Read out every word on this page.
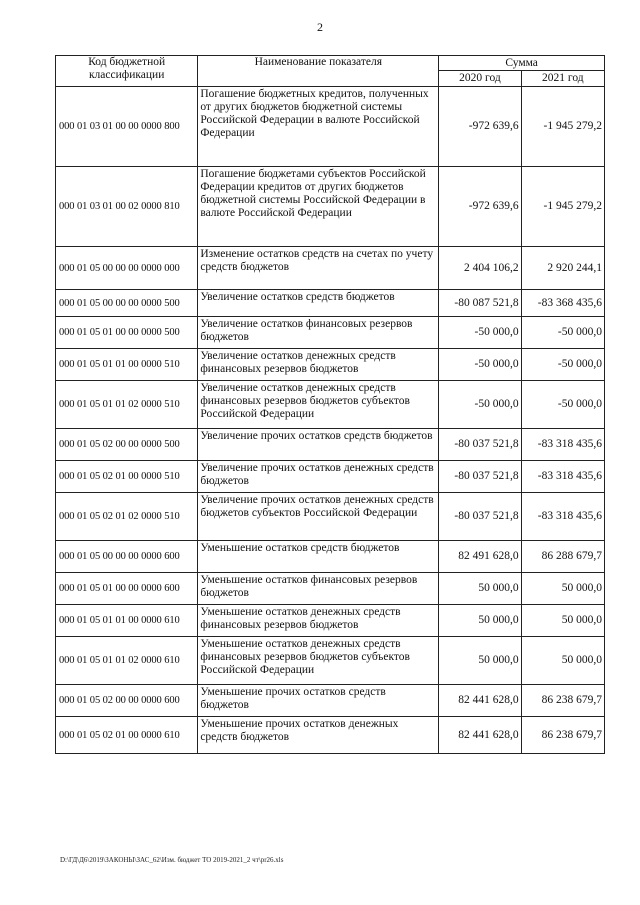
2
Код бюджетной классификации	Наименование показателя	Сумма	
		2020 год	2021 год
000 01 03 01 00 00 0000 800	Погашение бюджетных кредитов, полученных от других бюджетов бюджетной системы Российской Федерации в валюте Российской Федерации	-972 639,6	-1 945 279,2
000 01 03 01 00 02 0000 810	Погашение бюджетами субъектов Российской Федерации кредитов от других бюджетов бюджетной системы Российской Федерации в валюте Российской Федерации	-972 639,6	-1 945 279,2
000 01 05 00 00 00 0000 000	Изменение остатков средств на счетах по учету средств бюджетов	2 404 106,2	2 920 244,1
000 01 05 00 00 00 0000 500	Увеличение остатков средств бюджетов	-80 087 521,8	-83 368 435,6
000 01 05 01 00 00 0000 500	Увеличение остатков финансовых резервов бюджетов	-50 000,0	-50 000,0
000 01 05 01 01 00 0000 510	Увеличение остатков денежных средств финансовых резервов бюджетов	-50 000,0	-50 000,0
000 01 05 01 01 02 0000 510	Увеличение остатков денежных средств финансовых резервов бюджетов субъектов Российской Федерации	-50 000,0	-50 000,0
000 01 05 02 00 00 0000 500	Увеличение прочих остатков средств бюджетов	-80 037 521,8	-83 318 435,6
000 01 05 02 01 00 0000 510	Увеличение прочих остатков денежных средств бюджетов	-80 037 521,8	-83 318 435,6
000 01 05 02 01 02 0000 510	Увеличение прочих остатков денежных средств бюджетов субъектов Российской Федерации	-80 037 521,8	-83 318 435,6
000 01 05 00 00 00 0000 600	Уменьшение остатков средств бюджетов	82 491 628,0	86 288 679,7
000 01 05 01 00 00 0000 600	Уменьшение остатков финансовых резервов бюджетов	50 000,0	50 000,0
000 01 05 01 01 00 0000 610	Уменьшение остатков денежных средств финансовых резервов бюджетов	50 000,0	50 000,0
000 01 05 01 01 02 0000 610	Уменьшение остатков денежных средств финансовых резервов бюджетов субъектов Российской Федерации	50 000,0	50 000,0
000 01 05 02 00 00 0000 600	Уменьшение прочих остатков средств бюджетов	82 441 628,0	86 238 679,7
000 01 05 02 01 00 0000 610	Уменьшение прочих остатков денежных средств бюджетов	82 441 628,0	86 238 679,7
D:\ГД\Д6\2019\ЗАКОНЫ\ЗАС_62\Изм. бюджет ТО 2019-2021_2 чт\pr26.xls
